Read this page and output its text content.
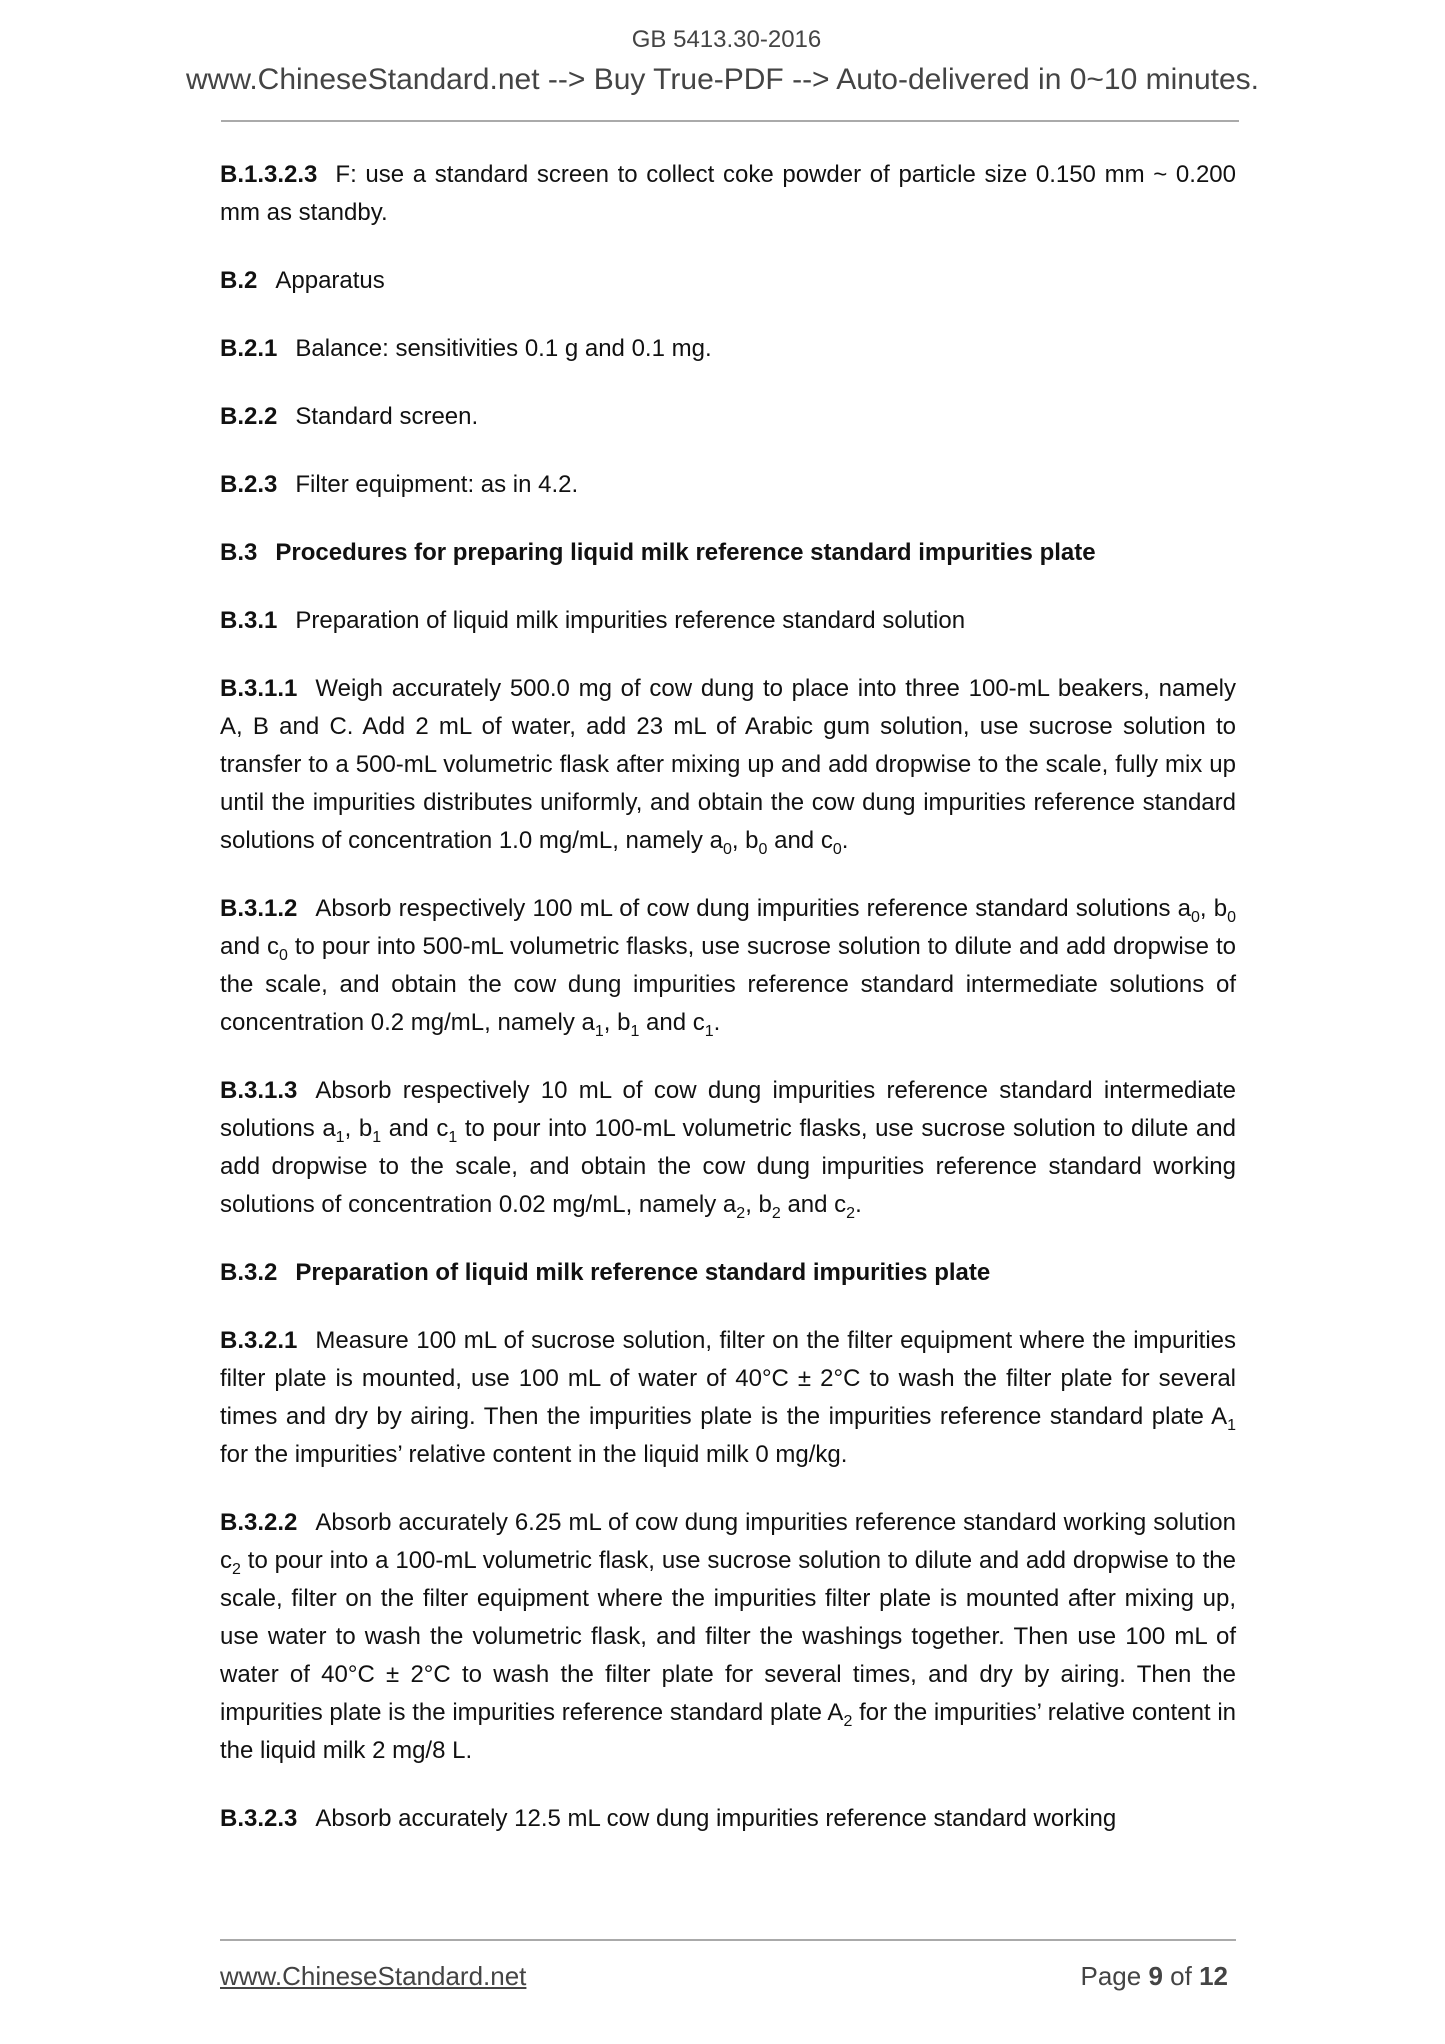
GB 5413.30-2016
www.ChineseStandard.net --> Buy True-PDF --> Auto-delivered in 0~10 minutes.

B.1.3.2.3 F: use a standard screen to collect coke powder of particle size 0.150 mm ~ 0.200 mm as standby.

B.2 Apparatus

B.2.1 Balance: sensitivities 0.1 g and 0.1 mg.

B.2.2 Standard screen.

B.2.3 Filter equipment: as in 4.2.

B.3 Procedures for preparing liquid milk reference standard impurities plate

B.3.1 Preparation of liquid milk impurities reference standard solution

B.3.1.1 Weigh accurately 500.0 mg of cow dung to place into three 100-mL beakers, namely A, B and C. Add 2 mL of water, add 23 mL of Arabic gum solution, use sucrose solution to transfer to a 500-mL volumetric flask after mixing up and add dropwise to the scale, fully mix up until the impurities distributes uniformly, and obtain the cow dung impurities reference standard solutions of concentration 1.0 mg/mL, namely $a_0$, $b_0$ and $c_0$.

B.3.1.2 Absorb respectively 100 mL of cow dung impurities reference standard solutions $a_0$, $b_0$ and $c_0$ to pour into 500-mL volumetric flasks, use sucrose solution to dilute and add dropwise to the scale, and obtain the cow dung impurities reference standard intermediate solutions of concentration 0.2 mg/mL, namely $a_1$, $b_1$ and $c_1$.

B.3.1.3 Absorb respectively 10 mL of cow dung impurities reference standard intermediate solutions $a_1$, $b_1$ and $c_1$ to pour into 100-mL volumetric flasks, use sucrose solution to dilute and add dropwise to the scale, and obtain the cow dung impurities reference standard working solutions of concentration 0.02 mg/mL, namely $a_2$, $b_2$ and $c_2$.

B.3.2 Preparation of liquid milk reference standard impurities plate

B.3.2.1 Measure 100 mL of sucrose solution, filter on the filter equipment where the impurities filter plate is mounted, use 100 mL of water of 40°C ± 2°C to wash the filter plate for several times and dry by airing. Then the impurities plate is the impurities reference standard plate $A_1$ for the impurities’ relative content in the liquid milk 0 mg/kg.

B.3.2.2 Absorb accurately 6.25 mL of cow dung impurities reference standard working solution $c_2$ to pour into a 100-mL volumetric flask, use sucrose solution to dilute and add dropwise to the scale, filter on the filter equipment where the impurities filter plate is mounted after mixing up, use water to wash the volumetric flask, and filter the washings together. Then use 100 mL of water of 40°C ± 2°C to wash the filter plate for several times, and dry by airing. Then the impurities plate is the impurities reference standard plate $A_2$ for the impurities’ relative content in the liquid milk 2 mg/8 L.

B.3.2.3 Absorb accurately 12.5 mL cow dung impurities reference standard working

www.ChineseStandard.net	Page 9 of 12
